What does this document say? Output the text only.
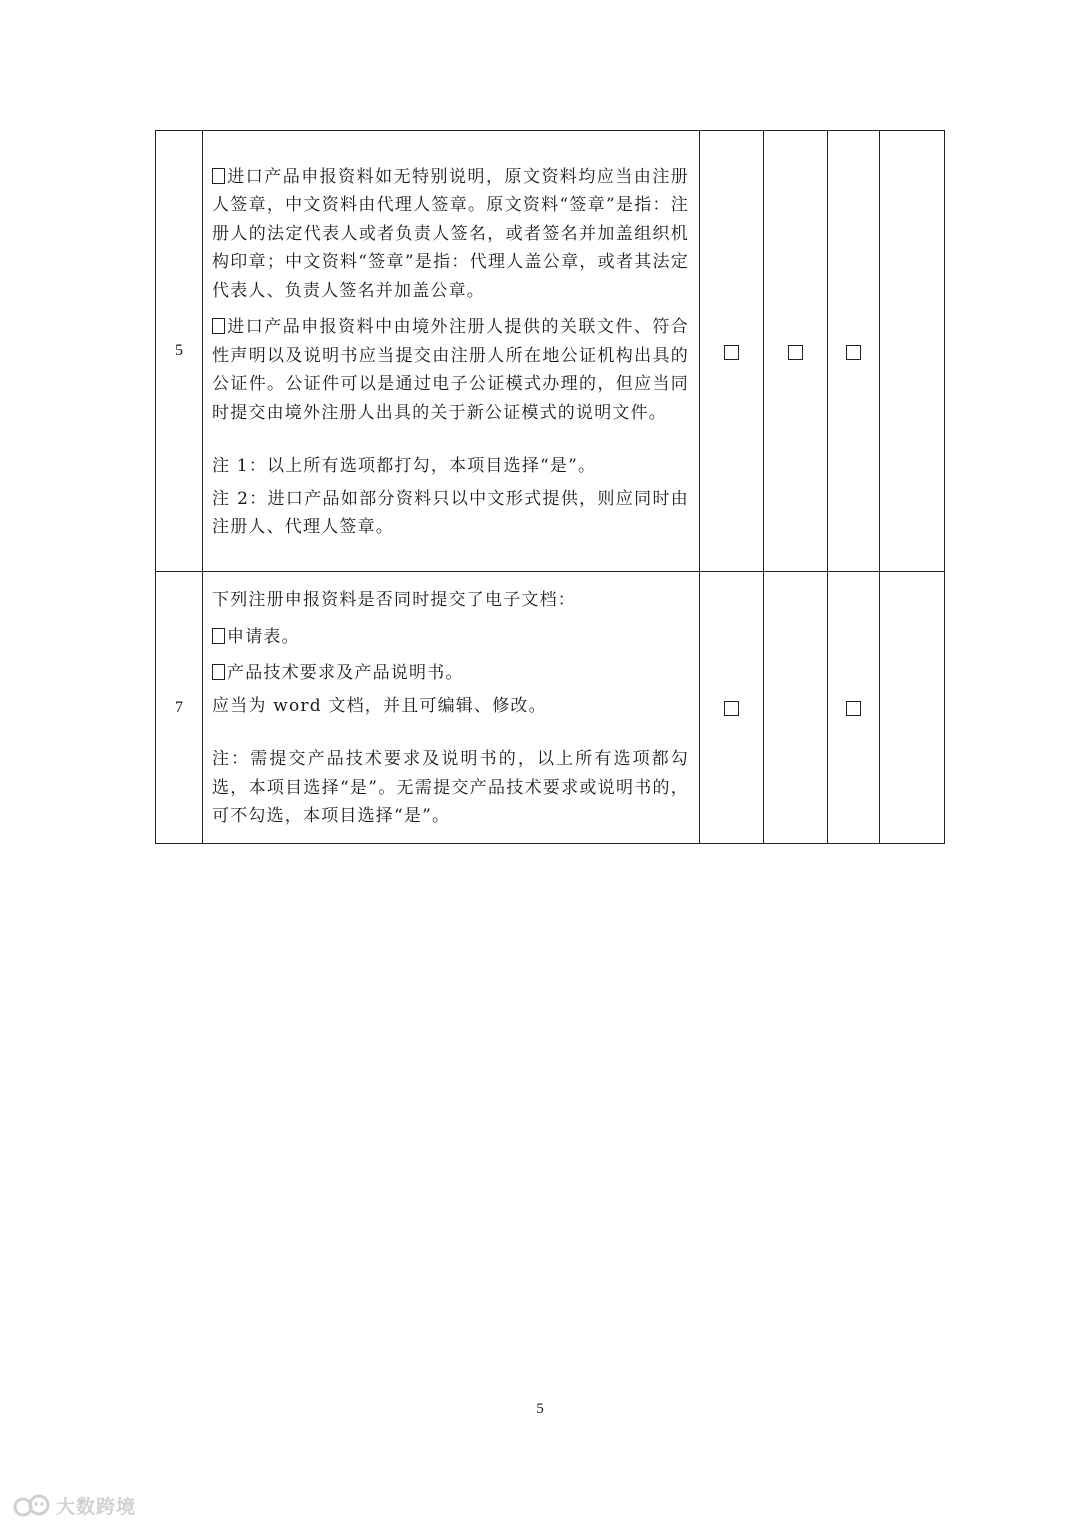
5	进口产品申报资料如无特别说明，原文资料均应当由注册人签章，中文资料由代理人签章。原文资料“签章”是指：注册人的法定代表人或者负责人签名，或者签名并加盖组织机构印章；中文资料“签章”是指：代理人盖公章，或者其法定代表人、负责人签名并加盖公章。

进口产品申报资料中由境外注册人提供的关联文件、符合性声明以及说明书应当提交由注册人所在地公证机构出具的公证件。公证件可以是通过电子公证模式办理的，但应当同时提交由境外注册人出具的关于新公证模式的说明文件。

注 1：以上所有选项都打勾，本项目选择“是”。

注 2：进口产品如部分资料只以中文形式提供，则应同时由注册人、代理人签章。				

7	下列注册申报资料是否同时提交了电子文档：

申请表。

产品技术要求及产品说明书。

应当为 word 文档，并且可编辑、修改。

注：需提交产品技术要求及说明书的，以上所有选项都勾选，本项目选择“是”。无需提交产品技术要求或说明书的，可不勾选，本项目选择“是”。				

5
大数跨境
